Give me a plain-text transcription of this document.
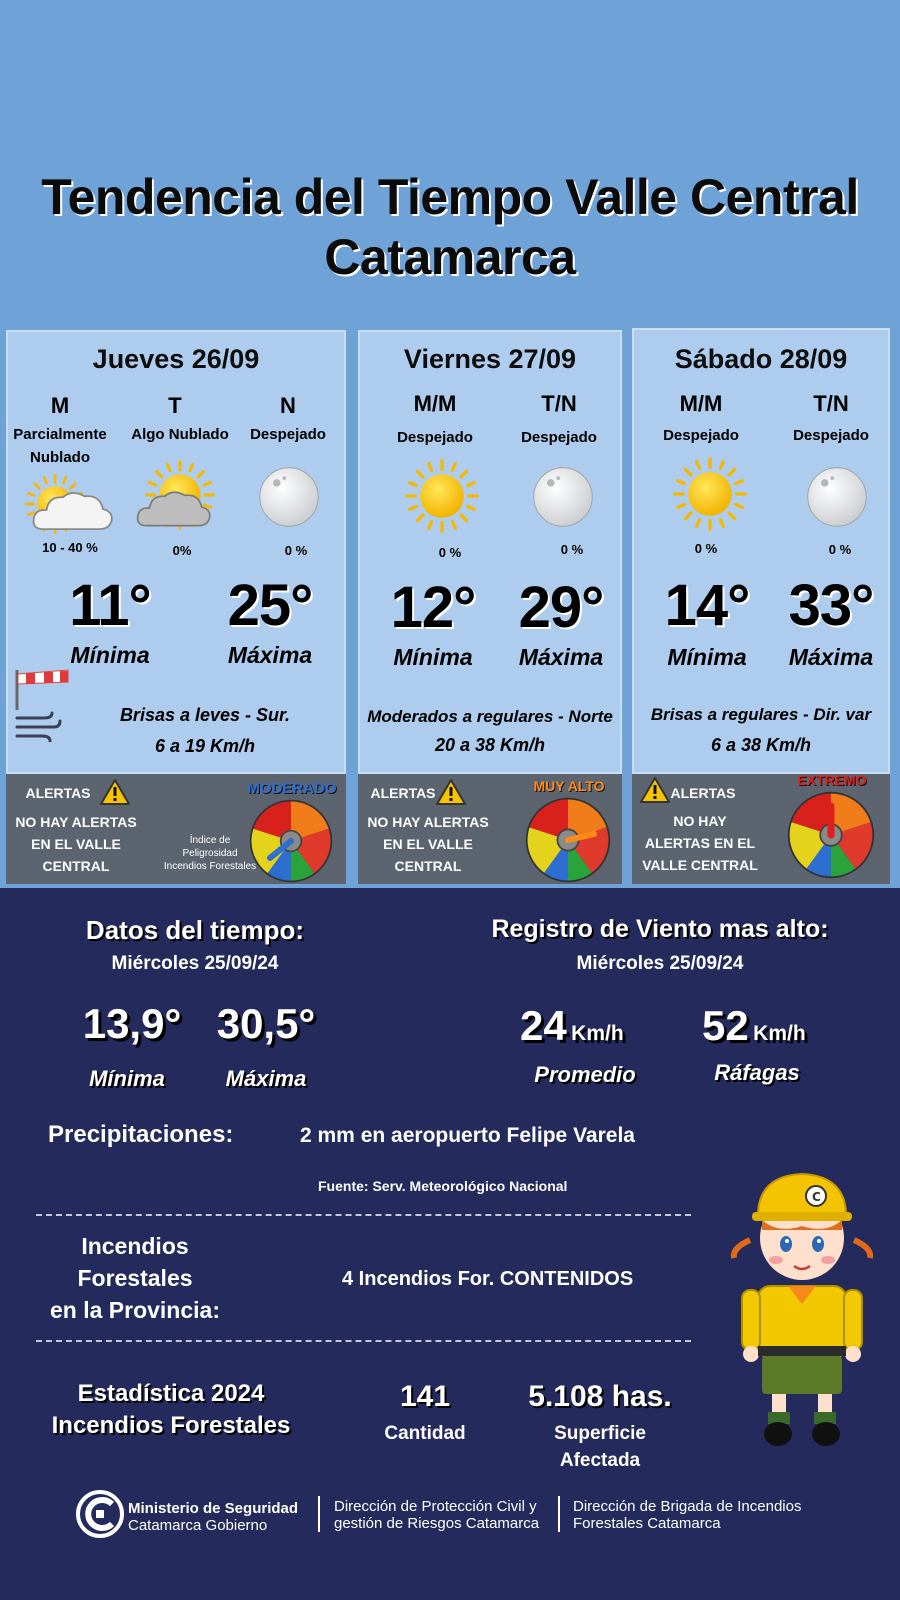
Tendencia del Tiempo Valle Central
Catamarca
Jueves 26/09
M	T	N
Parcialmente
Nublado
Algo Nublado	Despejado
10 - 40 %	0%	0 %
11°	25°
Mínima	Máxima
Brisas a leves - Sur.
6 a 19 Km/h
ALERTAS
NO HAY ALERTAS
EN EL VALLE
CENTRAL
Índice de
Peligrosidad
Incendios Forestales
MODERADO
Viernes 27/09
M/M	T/N
Despejado	Despejado
0 %	0 %
12° 29°
Mínima	Máxima
Moderados a regulares - Norte
20 a 38 Km/h
ALERTAS
NO HAY ALERTAS
EN EL VALLE
CENTRAL
MUY ALTO
Sábado 28/09
M/M	T/N
Despejado	Despejado
0 %	0 %
14° 33°
Mínima	Máxima
Brisas a regulares - Dir. var
6 a 38 Km/h
ALERTAS
NO HAY
ALERTAS EN EL
VALLE CENTRAL
EXTREMO
Datos del tiempo:
Miércoles 25/09/24
13,9° 30,5°
Mínima	Máxima
Registro de Viento mas alto:
Miércoles 25/09/24
24 Km/h 52 Km/h
Promedio	Ráfagas
Precipitaciones:	2 mm en aeropuerto Felipe Varela
Fuente: Serv. Meteorológico Nacional
Incendios
Forestales
en la Provincia:
4 Incendios For. CONTENIDOS
Estadística 2024
Incendios Forestales
141
Cantidad
5.108 has.
Superficie
Afectada
C
Ministerio de Seguridad
Catamarca Gobierno
Dirección de Protección Civil y
gestión de Riesgos Catamarca
Dirección de Brigada de Incendios
Forestales Catamarca
